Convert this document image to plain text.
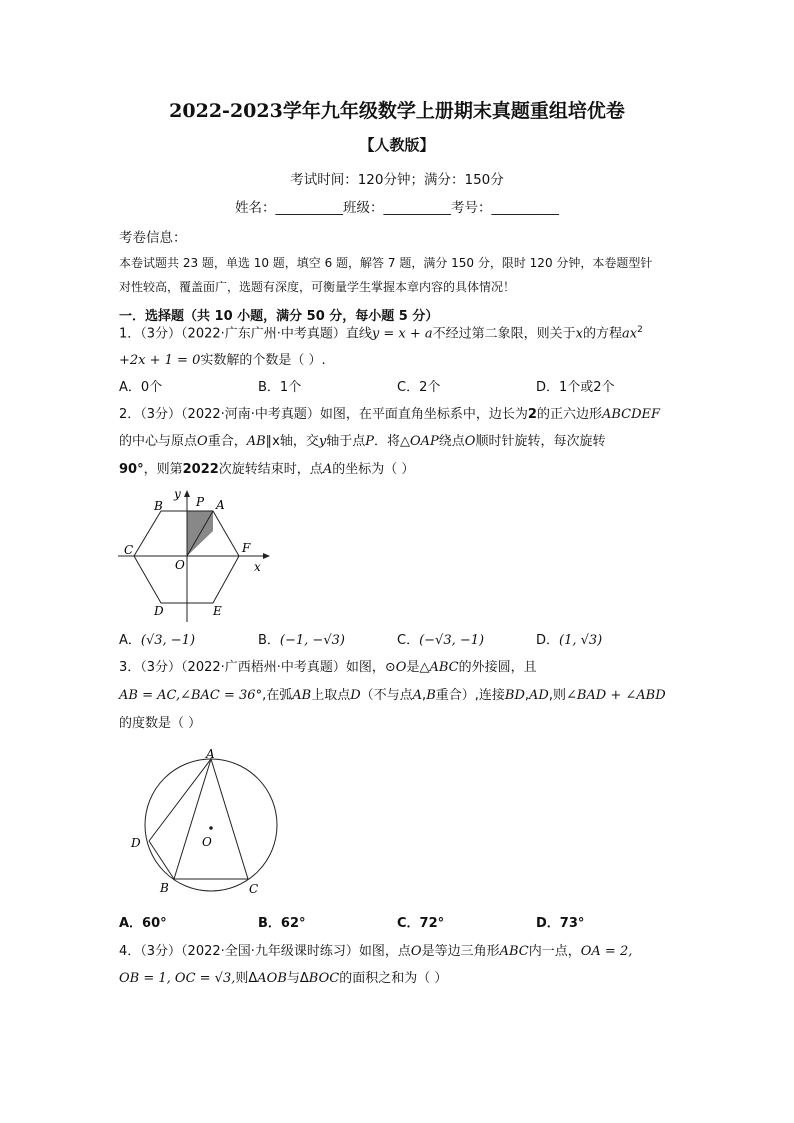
2022-2023学年九年级数学上册期末真题重组培优卷
【人教版】
考试时间：120分钟；满分：150分
姓名：__________班级：__________考号：__________
考卷信息：
本卷试题共 23 题，单选 10 题，填空 6 题，解答 7 题，满分 150 分，限时 120 分钟，本卷题型针
对性较高，覆盖面广，选题有深度，可衡量学生掌握本章内容的具体情况！
一．选择题（共 10 小题，满分 50 分，每小题 5 分）
1．（3分）（2022·广东广州·中考真题）直线y = x + a不经过第二象限，则关于x的方程$ax^2$
+2x + 1 = 0实数解的个数是（ ）.
A．0个	B．1个	C．2个	D．1个或2个
2．（3分）（2022·河南·中考真题）如图，在平面直角坐标系中，边长为2的正六边形ABCDEF
的中心与原点O重合，AB∥x轴，交y轴于点P．将△OAP绕点O顺时针旋转，每次旋转
90°，则第2022次旋转结束时，点A的坐标为（ ）
B	P A
y
C	F
O	x
D	E
A．(√3, −1)	B．(−1, −√3)	C．(−√3, −1)	D．(1, √3)
3．（3分）（2022·广西梧州·中考真题）如图，⊙O是△ABC的外接圆，且
AB = AC,∠BAC = 36°,在弧AB上取点D（不与点A,B重合）,连接BD,AD,则∠BAD + ∠ABD
的度数是（ ）
A
D	O
B	C
A．60°	B．62°	C．72°	D．73°
4．（3分）（2022·全国·九年级课时练习）如图，点O是等边三角形ABC内一点，OA = 2,
OB = 1, OC = √3,则ΔAOB与ΔBOC的面积之和为（ ）
